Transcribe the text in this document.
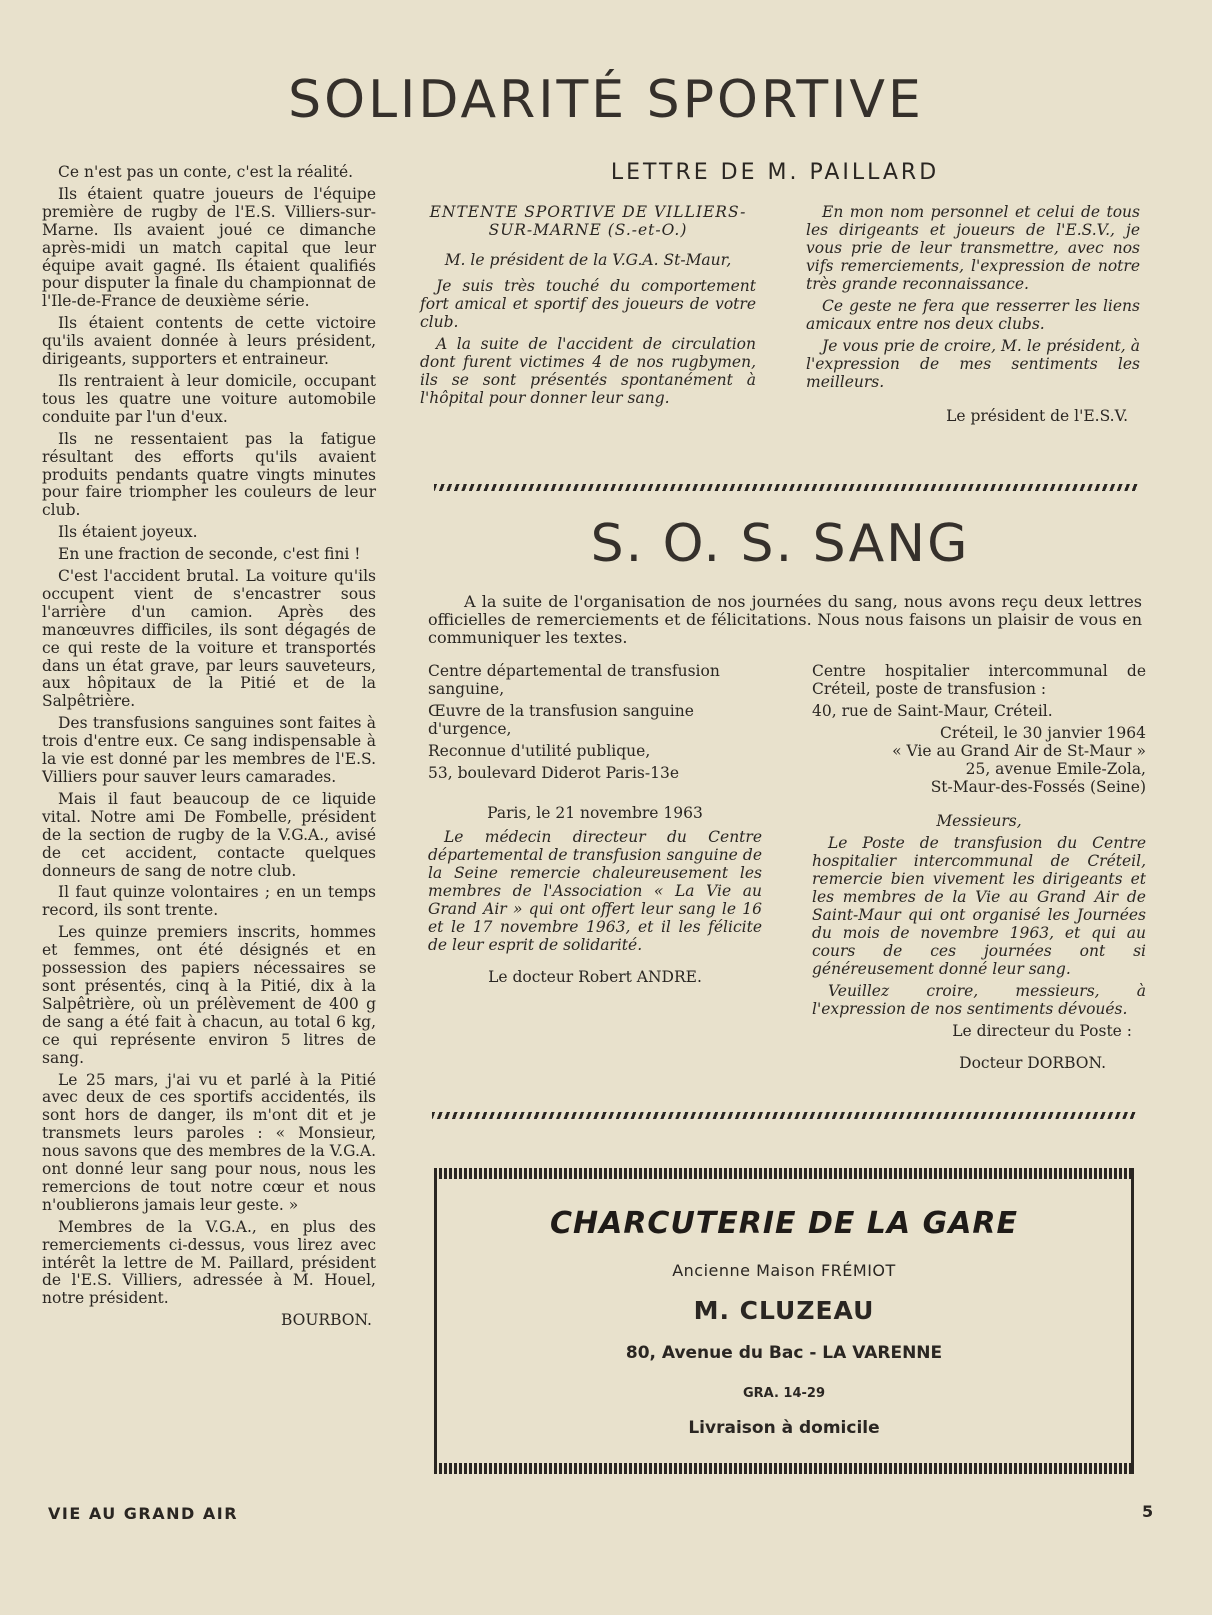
SOLIDARITÉ SPORTIVE

Ce n'est pas un conte, c'est la réalité.

Ils étaient quatre joueurs de l'équipe première de rugby de l'E.S. Villiers-sur-Marne. Ils avaient joué ce dimanche après-midi un match capital que leur équipe avait gagné. Ils étaient qualifiés pour disputer la finale du championnat de l'Ile-de-France de deuxième série.

Ils étaient contents de cette victoire qu'ils avaient donnée à leurs président, dirigeants, supporters et entraineur.

Ils rentraient à leur domicile, occupant tous les quatre une voiture automobile conduite par l'un d'eux.

Ils ne ressentaient pas la fatigue résultant des efforts qu'ils avaient produits pendants quatre vingts minutes pour faire triompher les couleurs de leur club.

Ils étaient joyeux.

En une fraction de seconde, c'est fini !

C'est l'accident brutal. La voiture qu'ils occupent vient de s'encastrer sous l'arrière d'un camion. Après des manœuvres difficiles, ils sont dégagés de ce qui reste de la voiture et transportés dans un état grave, par leurs sauveteurs, aux hôpitaux de la Pitié et de la Salpêtrière.

Des transfusions sanguines sont faites à trois d'entre eux. Ce sang indispensable à la vie est donné par les membres de l'E.S. Villiers pour sauver leurs camarades.

Mais il faut beaucoup de ce liquide vital. Notre ami De Fombelle, président de la section de rugby de la V.G.A., avisé de cet accident, contacte quelques donneurs de sang de notre club.

Il faut quinze volontaires ; en un temps record, ils sont trente.

Les quinze premiers inscrits, hommes et femmes, ont été désignés et en possession des papiers nécessaires se sont présentés, cinq à la Pitié, dix à la Salpêtrière, où un prélèvement de 400 g de sang a été fait à chacun, au total 6 kg, ce qui représente environ 5 litres de sang.

Le 25 mars, j'ai vu et parlé à la Pitié avec deux de ces sportifs accidentés, ils sont hors de danger, ils m'ont dit et je transmets leurs paroles : « Monsieur, nous savons que des membres de la V.G.A. ont donné leur sang pour nous, nous les remercions de tout notre cœur et nous n'oublierons jamais leur geste. »

Membres de la V.G.A., en plus des remerciements ci-dessus, vous lirez avec intérêt la lettre de M. Paillard, président de l'E.S. Villiers, adressée à M. Houel, notre président.

BOURBON.

LETTRE DE M. PAILLARD

ENTENTE SPORTIVE DE VILLIERS-SUR-MARNE (S.-et-O.)

M. le président de la V.G.A. St-Maur,

Je suis très touché du comportement fort amical et sportif des joueurs de votre club.

A la suite de l'accident de circulation dont furent victimes 4 de nos rugbymen, ils se sont présentés spontanément à l'hôpital pour donner leur sang.

En mon nom personnel et celui de tous les dirigeants et joueurs de l'E.S.V., je vous prie de leur transmettre, avec nos vifs remerciements, l'expression de notre très grande reconnaissance.

Ce geste ne fera que resserrer les liens amicaux entre nos deux clubs.

Je vous prie de croire, M. le président, à l'expression de mes sentiments les meilleurs.

Le président de l'E.S.V.

S. O. S. SANG

A la suite de l'organisation de nos journées du sang, nous avons reçu deux lettres officielles de remerciements et de félicitations. Nous nous faisons un plaisir de vous en communiquer les textes.

Centre départemental de transfusion sanguine,

Œuvre de la transfusion sanguine d'urgence,

Reconnue d'utilité publique,

53, boulevard Diderot Paris-13e

Paris, le 21 novembre 1963

Le médecin directeur du Centre départemental de transfusion sanguine de la Seine remercie chaleureusement les membres de l'Association « La Vie au Grand Air » qui ont offert leur sang le 16 et le 17 novembre 1963, et il les félicite de leur esprit de solidarité.

Le docteur Robert ANDRE.

Centre hospitalier intercommunal de Créteil, poste de transfusion :

40, rue de Saint-Maur, Créteil.

Créteil, le 30 janvier 1964

« Vie au Grand Air de St-Maur »

25, avenue Emile-Zola,

St-Maur-des-Fossés (Seine)

Messieurs,

Le Poste de transfusion du Centre hospitalier intercommunal de Créteil, remercie bien vivement les dirigeants et les membres de la Vie au Grand Air de Saint-Maur qui ont organisé les Journées du mois de novembre 1963, et qui au cours de ces journées ont si généreusement donné leur sang.

Veuillez croire, messieurs, à l'expression de nos sentiments dévoués.

Le directeur du Poste :

Docteur DORBON.

CHARCUTERIE DE LA GARE
Ancienne Maison FRÉMIOT
M. CLUZEAU
80, Avenue du Bac - LA VARENNE
GRA. 14-29
Livraison à domicile
VIE AU GRAND AIR	5
